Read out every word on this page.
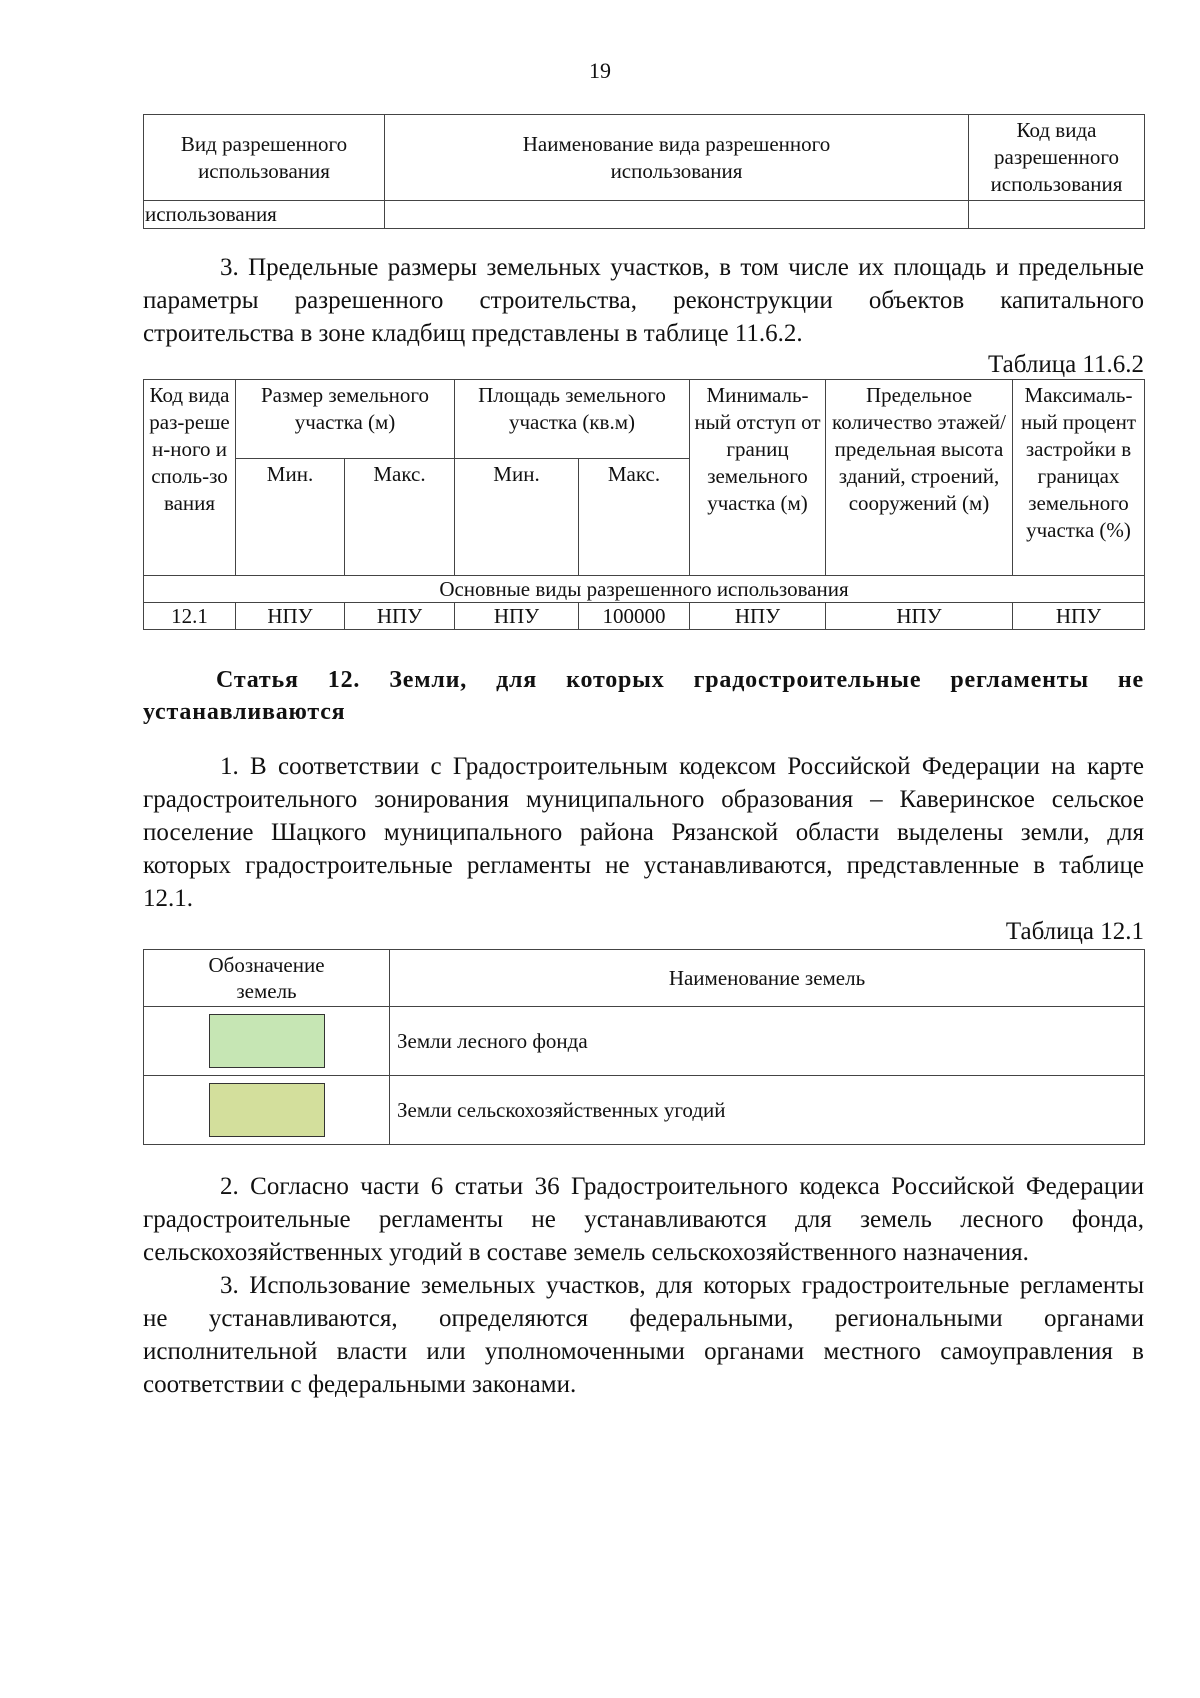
19
Вид разрешенного использования	Наименование вида разрешенного использования	Код вида разрешенного использования
использования		

3. Предельные размеры земельных участков, в том числе их площадь и предельные параметры разрешенного строительства, реконструкции объектов капитального строительства в зоне кладбищ представлены в таблице 11.6.2.

Таблица 11.6.2
Код вида раз-решен-ного исполь-зования	Размер земельного участка (м)		Площадь земельного участка (кв.м)		Минималь-ный отступ от границ земельного участка (м)	Предельное количество этажей/ предельная высота зданий, строений, сооружений (м)	Максималь-ный процент застройки в границах земельного участка (%)
	Мин.	Макс.	Мин.	Макс.			
Основные виды разрешенного использования							
12.1	НПУ	НПУ	НПУ	100000	НПУ	НПУ	НПУ

Статья 12. Земли, для которых градостроительные регламенты не устанавливаются

1. В соответствии с Градостроительным кодексом Российской Федерации на карте градостроительного зонирования муниципального образования – Каверинское сельское поселение Шацкого муниципального района Рязанской области выделены земли, для которых градостроительные регламенты не устанавливаются, представленные в таблице 12.1.

Таблица 12.1
Обозначение земель	Наименование земель

	Земли лесного фонда

	Земли сельскохозяйственных угодий

2. Согласно части 6 статьи 36 Градостроительного кодекса Российской Федерации градостроительные регламенты не устанавливаются для земель лесного фонда, сельскохозяйственных угодий в составе земель сельскохозяйственного назначения.

3. Использование земельных участков, для которых градостроительные регламенты не устанавливаются, определяются федеральными, региональными органами исполнительной власти или уполномоченными органами местного самоуправления в соответствии с федеральными законами.
